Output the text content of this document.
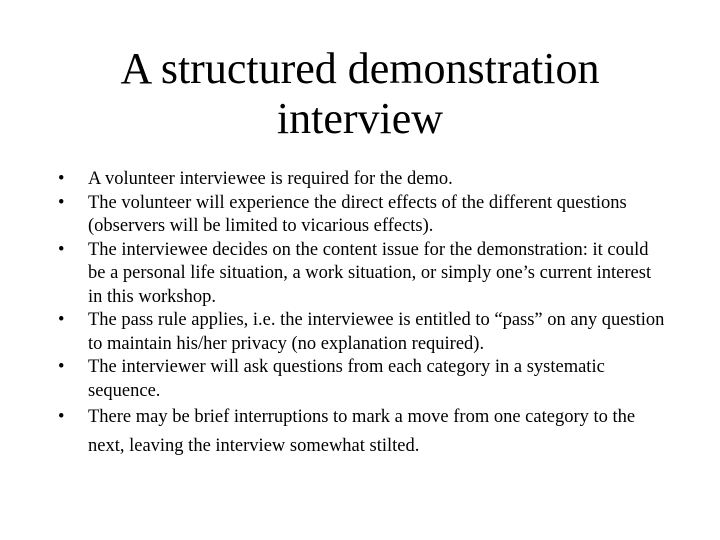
A structured demonstration interview
• A volunteer interviewee is required for the demo.
• The volunteer will experience the direct effects of the different questions (observers will be limited to vicarious effects).
• The interviewee decides on the content issue for the demonstration: it could be a personal life situation, a work situation, or simply one’s current interest in this workshop.
• The pass rule applies, i.e. the interviewee is entitled to “pass” on any question to maintain his/her privacy (no explanation required).
• The interviewer will ask questions from each category in a systematic sequence.
• There may be brief interruptions to mark a move from one category to the next, leaving the interview somewhat stilted.
